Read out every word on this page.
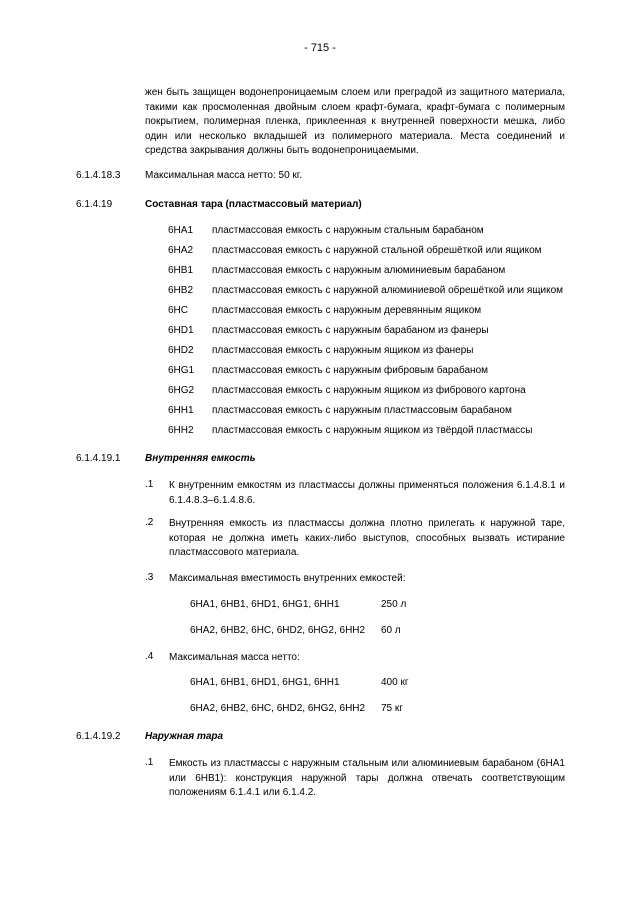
- 715 -
жен быть защищен водонепроницаемым слоем или преградой из защитного материала, такими как просмоленная двойным слоем крафт-бумага, крафт-бумага с полимерным покрытием, полимерная пленка, приклеенная к внутренней поверхности мешка, либо один или несколько вкладышей из полимерного материала. Места соединений и средства закрывания должны быть водонепроницаемыми.
6.1.4.18.3 Максимальная масса нетто: 50 кг.
6.1.4.19	Составная тара (пластмассовый материал)
6HA1 пластмассовая емкость с наружным стальным барабаном
6HA2 пластмассовая емкость с наружной стальной обрешёткой или ящиком
6HB1 пластмассовая емкость с наружным алюминиевым барабаном
6HB2 пластмассовая емкость с наружной алюминиевой обрешёткой или ящиком
6HC пластмассовая емкость с наружным деревянным ящиком
6HD1 пластмассовая емкость с наружным барабаном из фанеры
6HD2 пластмассовая емкость с наружным ящиком из фанеры
6HG1 пластмассовая емкость с наружным фибровым барабаном
6HG2 пластмассовая емкость с наружным ящиком из фибрового картона
6HH1 пластмассовая емкость с наружным пластмассовым барабаном
6HH2 пластмассовая емкость с наружным ящиком из твёрдой пластмассы
6.1.4.19.1 Внутренняя емкость
.1 К внутренним емкостям из пластмассы должны применяться положения 6.1.4.8.1 и 6.1.4.8.3–6.1.4.8.6.
.2 Внутренняя емкость из пластмассы должна плотно прилегать к наружной таре, которая не должна иметь каких-либо выступов, способных вызвать истирание пластмассового материала.
.3 Максимальная вместимость внутренних емкостей:
6HA1, 6HB1, 6HD1, 6HG1, 6HH1	250 л
6HA2, 6HB2, 6HC, 6HD2, 6HG2, 6HH2 60 л
.4 Максимальная масса нетто:
6HA1, 6HB1, 6HD1, 6HG1, 6HH1	400 кг
6HA2, 6HB2, 6HC, 6HD2, 6HG2, 6HH2 75 кг
6.1.4.19.2 Наружная тара
.1 Емкость из пластмассы с наружным стальным или алюминиевым барабаном (6HA1 или 6HB1): конструкция наружной тары должна отвечать соответствующим положениям 6.1.4.1 или 6.1.4.2.
